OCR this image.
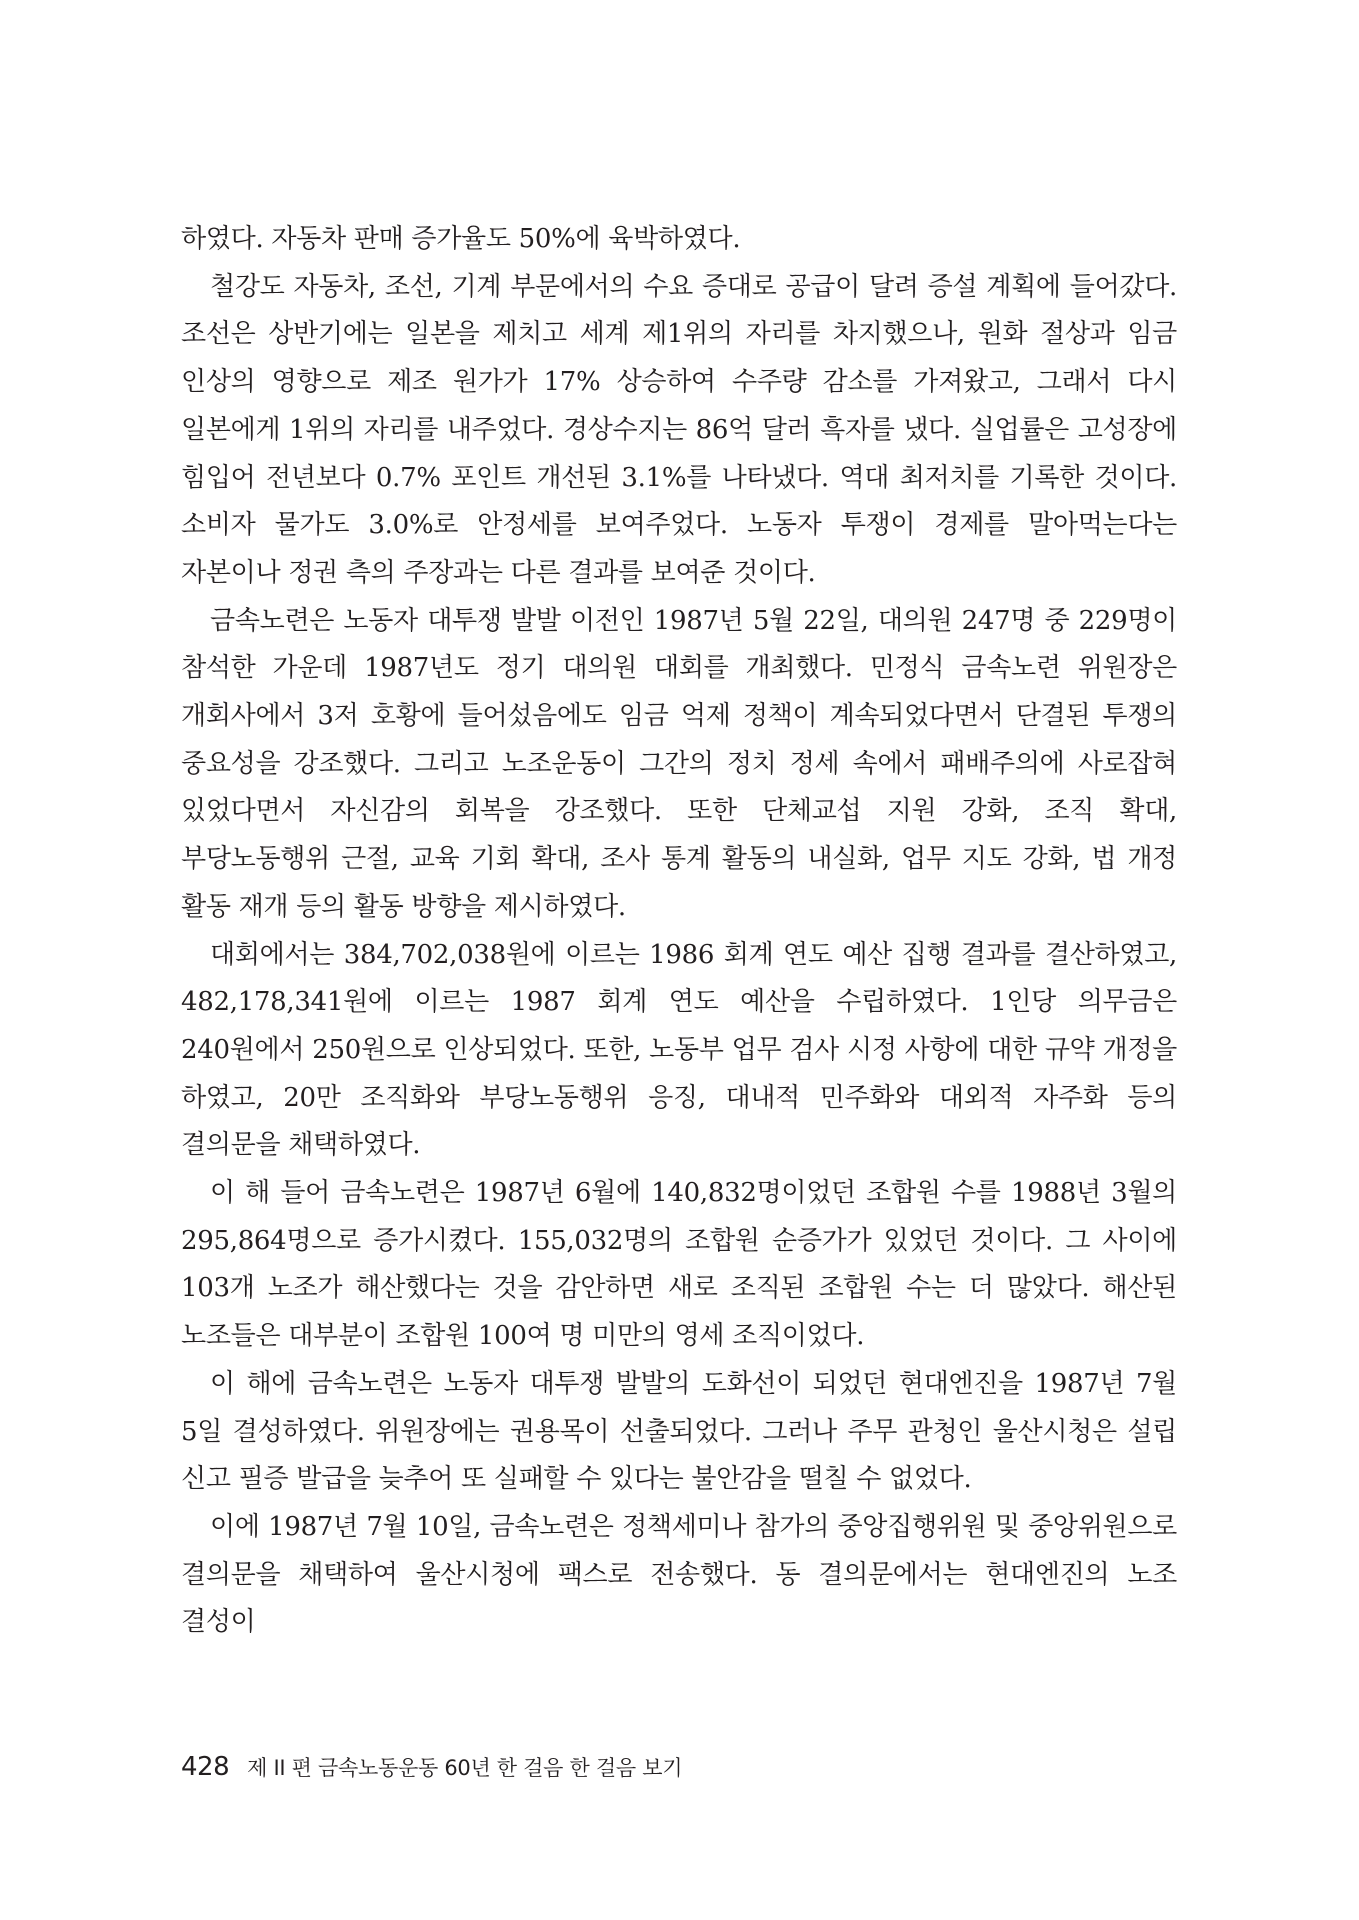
하였다. 자동차 판매 증가율도 50%에 육박하였다.

철강도 자동차, 조선, 기계 부문에서의 수요 증대로 공급이 달려 증설 계획에 들어갔다. 조선은 상반기에는 일본을 제치고 세계 제1위의 자리를 차지했으나, 원화 절상과 임금 인상의 영향으로 제조 원가가 17% 상승하여 수주량 감소를 가져왔고, 그래서 다시 일본에게 1위의 자리를 내주었다. 경상수지는 86억 달러 흑자를 냈다. 실업률은 고성장에 힘입어 전년보다 0.7% 포인트 개선된 3.1%를 나타냈다. 역대 최저치를 기록한 것이다. 소비자 물가도 3.0%로 안정세를 보여주었다. 노동자 투쟁이 경제를 말아먹는다는 자본이나 정권 측의 주장과는 다른 결과를 보여준 것이다.

금속노련은 노동자 대투쟁 발발 이전인 1987년 5월 22일, 대의원 247명 중 229명이 참석한 가운데 1987년도 정기 대의원 대회를 개최했다. 민정식 금속노련 위원장은 개회사에서 3저 호황에 들어섰음에도 임금 억제 정책이 계속되었다면서 단결된 투쟁의 중요성을 강조했다. 그리고 노조운동이 그간의 정치 정세 속에서 패배주의에 사로잡혀 있었다면서 자신감의 회복을 강조했다. 또한 단체교섭 지원 강화, 조직 확대, 부당노동행위 근절, 교육 기회 확대, 조사 통계 활동의 내실화, 업무 지도 강화, 법 개정 활동 재개 등의 활동 방향을 제시하였다.

대회에서는 384,702,038원에 이르는 1986 회계 연도 예산 집행 결과를 결산하였고, 482,178,341원에 이르는 1987 회계 연도 예산을 수립하였다. 1인당 의무금은 240원에서 250원으로 인상되었다. 또한, 노동부 업무 검사 시정 사항에 대한 규약 개정을 하였고, 20만 조직화와 부당노동행위 응징, 대내적 민주화와 대외적 자주화 등의 결의문을 채택하였다.

이 해 들어 금속노련은 1987년 6월에 140,832명이었던 조합원 수를 1988년 3월의 295,864명으로 증가시켰다. 155,032명의 조합원 순증가가 있었던 것이다. 그 사이에 103개 노조가 해산했다는 것을 감안하면 새로 조직된 조합원 수는 더 많았다. 해산된 노조들은 대부분이 조합원 100여 명 미만의 영세 조직이었다.

이 해에 금속노련은 노동자 대투쟁 발발의 도화선이 되었던 현대엔진을 1987년 7월 5일 결성하였다. 위원장에는 권용목이 선출되었다. 그러나 주무 관청인 울산시청은 설립 신고 필증 발급을 늦추어 또 실패할 수 있다는 불안감을 떨칠 수 없었다.

이에 1987년 7월 10일, 금속노련은 정책세미나 참가의 중앙집행위원 및 중앙위원으로 결의문을 채택하여 울산시청에 팩스로 전송했다. 동 결의문에서는 현대엔진의 노조 결성이

428 제 II 편 금속노동운동 60년 한 걸음 한 걸음 보기
